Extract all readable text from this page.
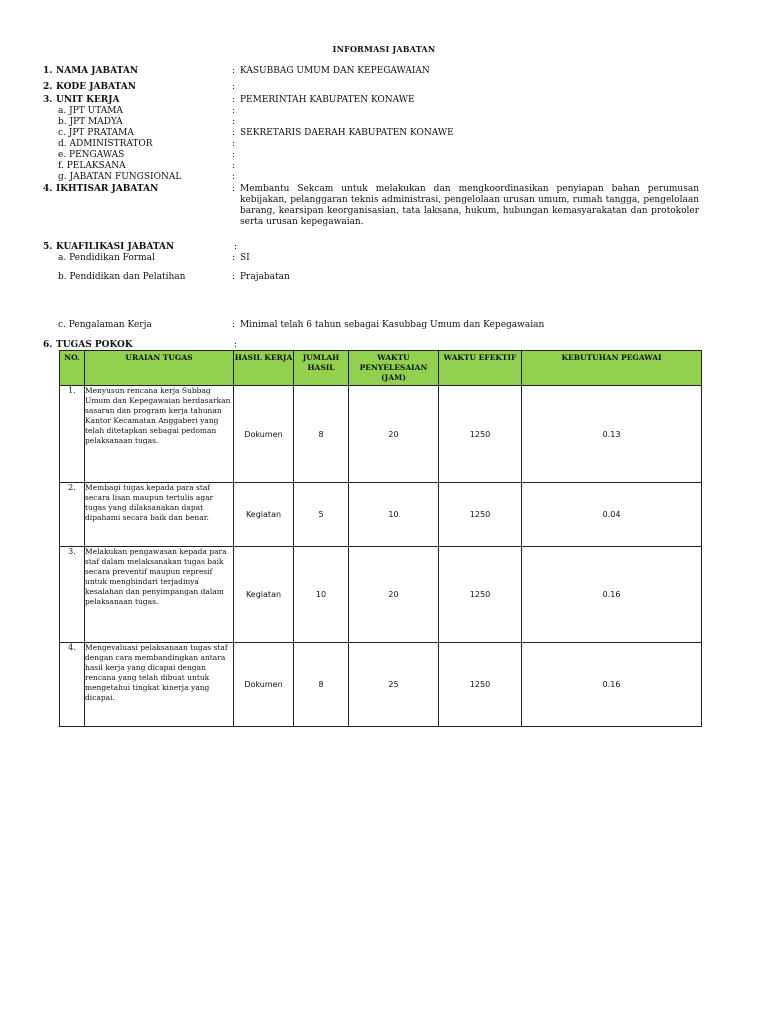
INFORMASI JABATAN
1. NAMA JABATAN	: KASUBBAG UMUM DAN KEPEGAWAIAN
2. KODE JABATAN	:
3. UNIT KERJA	: PEMERINTAH KABUPATEN KONAWE
a. JPT UTAMA	:
b. JPT MADYA	:
c. JPT PRATAMA	: SEKRETARIS DAERAH KABUPATEN KONAWE
d. ADMINISTRATOR	:
e. PENGAWAS	:
f. PELAKSANA	:
g. JABATAN FUNGSIONAL	:
4. IKHTISAR JABATAN	: Membantu Sekcam untuk melakukan dan mengkoordinasikan penyiapan bahan perumusan kebijakan, pelanggaran teknis administrasi, pengelolaan urusan umum, rumah tangga, pengelolaan barang, kearsipan keorganisasian, tata laksana, hukum, hubungan kemasyarakatan dan protokoler serta urusan kepegawaian.
5. KUAFILIKASI JABATAN	:
a. Pendidikan Formal	: SI
b. Pendidikan dan Pelatihan	: Prajabatan
c. Pengalaman Kerja	: Minimal telah 6 tahun sebagai Kasubbag Umum dan Kepegawaian
6. TUGAS POKOK	:
NO.	URAIAN TUGAS	HASIL KERJA	JUMLAH HASIL	WAKTU PENYELESAIAN (JAM)	WAKTU EFEKTIF	KEBUTUHAN PEGAWAI
1.	Menyusun rencana kerja Subbag Umum dan Kepegawaian berdasarkan sasaran dan program kerja tahunan Kantor Kecamatan Anggaberi yang telah ditetapkan sebagai pedoman pelaksanaan tugas.	Dokumen	8	20	1250	0.13
2.	Membagi tugas kepada para staf secara lisan maupun tertulis agar tugas yang dilaksanakan dapat dipahami secara baik dan benar.	Kegiatan	5	10	1250	0.04
3.	Melakukan pengawasan kepada para staf dalam melaksanakan tugas baik secara preventif maupun represif untuk menghindari terjadinya kesalahan dan penyimpangan dalam pelaksanaan tugas.	Kegiatan	10	20	1250	0.16
4.	Mengevaluasi pelaksanaan tugas staf dengan cara membandingkan antara hasil kerja yang dicapai dengan rencana yang telah dibuat untuk mengetahui tingkat kinerja yang dicapai.	Dokumen	8	25	1250	0.16
